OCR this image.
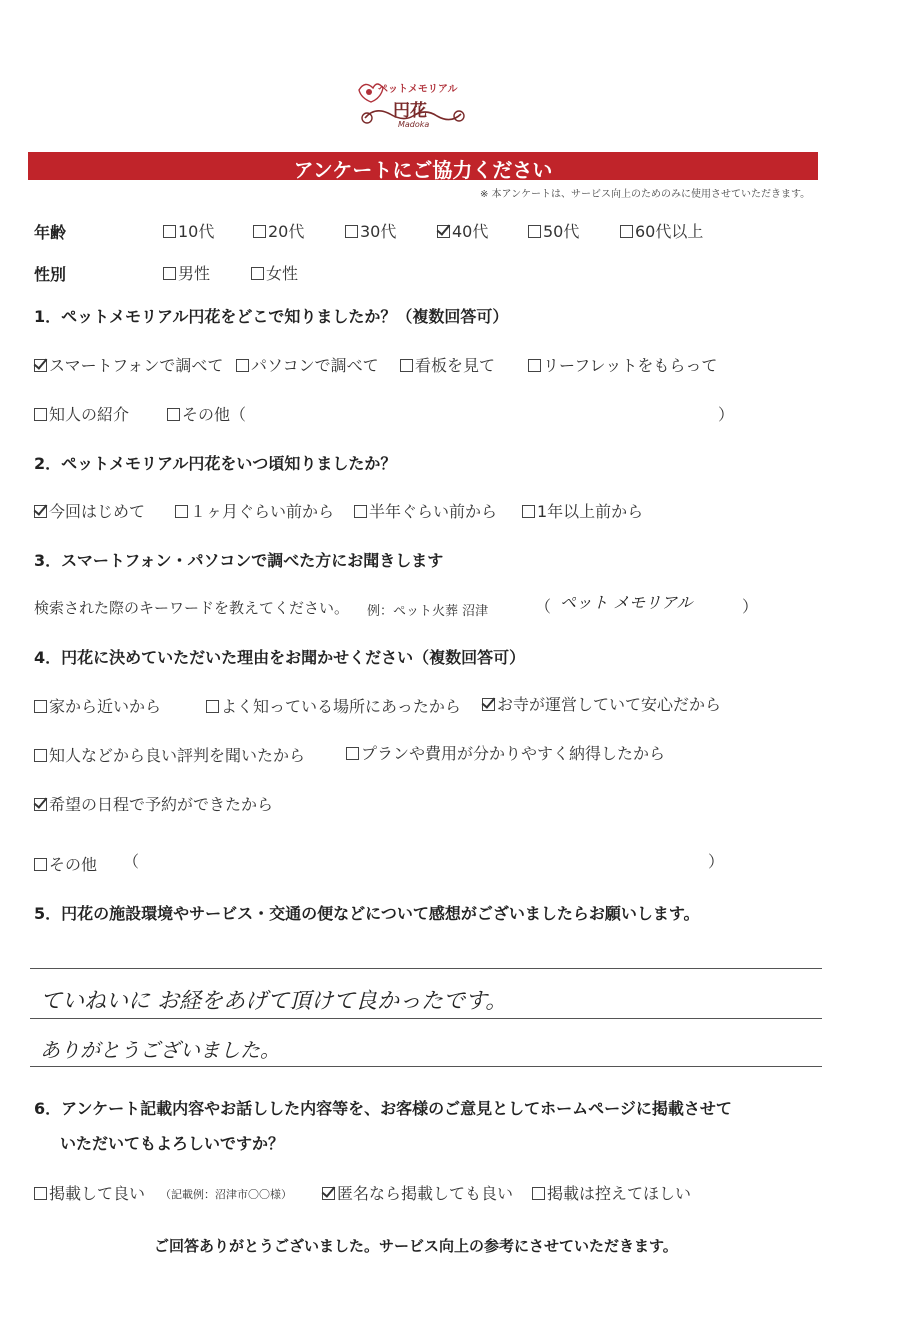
ペットメモリアル
円花
Madoka
アンケートにご協力ください
※ 本アンケートは、サービス向上のためのみに使用させていただきます。
年齢	10代	20代	30代	40代	50代	60代以上
性別	男性	女性
1．ペットメモリアル円花をどこで知りましたか？（複数回答可）
スマートフォンで調べて	パソコンで調べて	看板を見て	リーフレットをもらって
知人の紹介	その他（	）
2．ペットメモリアル円花をいつ頃知りましたか？
今回はじめて	１ヶ月ぐらい前から	半年ぐらい前から	1年以上前から
3．スマートフォン・パソコンで調べた方にお聞きします
検索された際のキーワードを教えてください。 例：ペット火葬 沼津	（ ペット メモリアル	）
4．円花に決めていただいた理由をお聞かせください（複数回答可）
家から近いから	よく知っている場所にあったから	お寺が運営していて安心だから
知人などから良い評判を聞いたから	プランや費用が分かりやすく納得したから
希望の日程で予約ができたから
その他 （	）
5．円花の施設環境やサービス・交通の便などについて感想がございましたらお願いします。
ていねいに お経をあげて頂けて良かったです。
ありがとうございました。
6．アンケート記載内容やお話しした内容等を、お客様のご意見としてホームページに掲載させて
いただいてもよろしいですか？
掲載して良い （記載例：沼津市〇〇様）	匿名なら掲載しても良い	掲載は控えてほしい
ご回答ありがとうございました。サービス向上の参考にさせていただきます。
